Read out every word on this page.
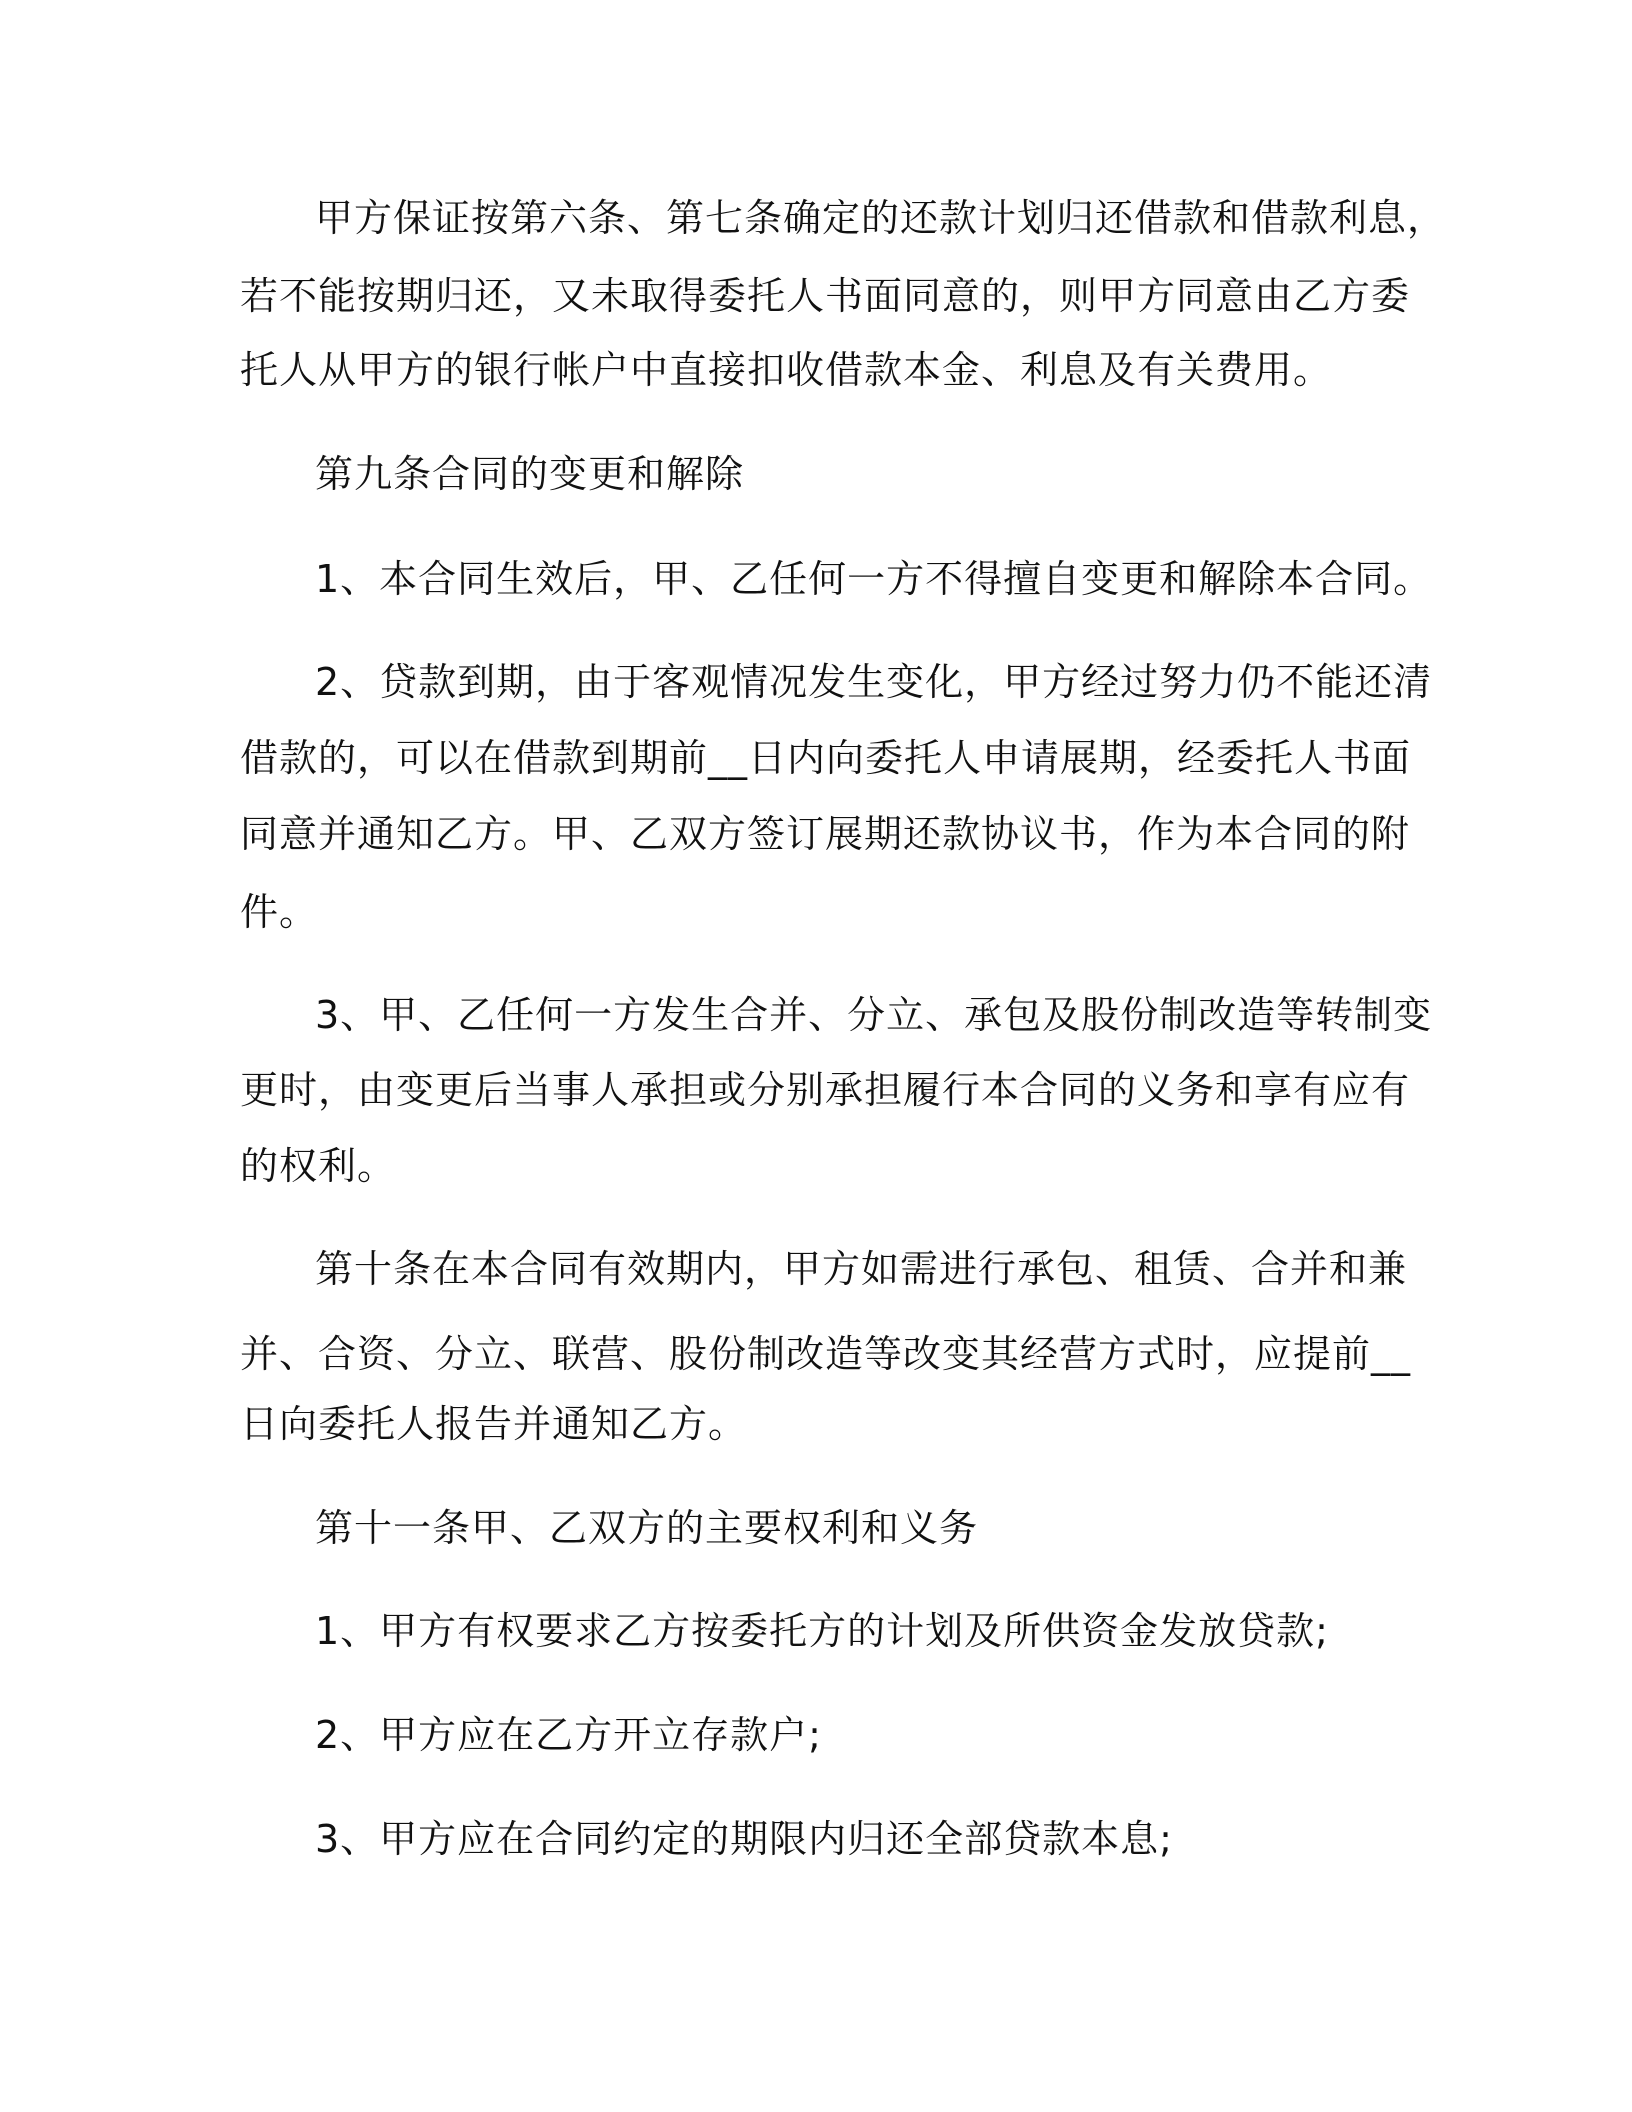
甲方保证按第六条、第七条确定的还款计划归还借款和借款利息，
若不能按期归还，又未取得委托人书面同意的，则甲方同意由乙方委
托人从甲方的银行帐户中直接扣收借款本金、利息及有关费用。
第九条合同的变更和解除
1、本合同生效后，甲、乙任何一方不得擅自变更和解除本合同。
2、贷款到期，由于客观情况发生变化，甲方经过努力仍不能还清
借款的，可以在借款到期前__日内向委托人申请展期，经委托人书面
同意并通知乙方。甲、乙双方签订展期还款协议书，作为本合同的附
件。
3、甲、乙任何一方发生合并、分立、承包及股份制改造等转制变
更时，由变更后当事人承担或分别承担履行本合同的义务和享有应有
的权利。
第十条在本合同有效期内，甲方如需进行承包、租赁、合并和兼
并、合资、分立、联营、股份制改造等改变其经营方式时，应提前__
日向委托人报告并通知乙方。
第十一条甲、乙双方的主要权利和义务
1、甲方有权要求乙方按委托方的计划及所供资金发放贷款;
2、甲方应在乙方开立存款户;
3、甲方应在合同约定的期限内归还全部贷款本息;
